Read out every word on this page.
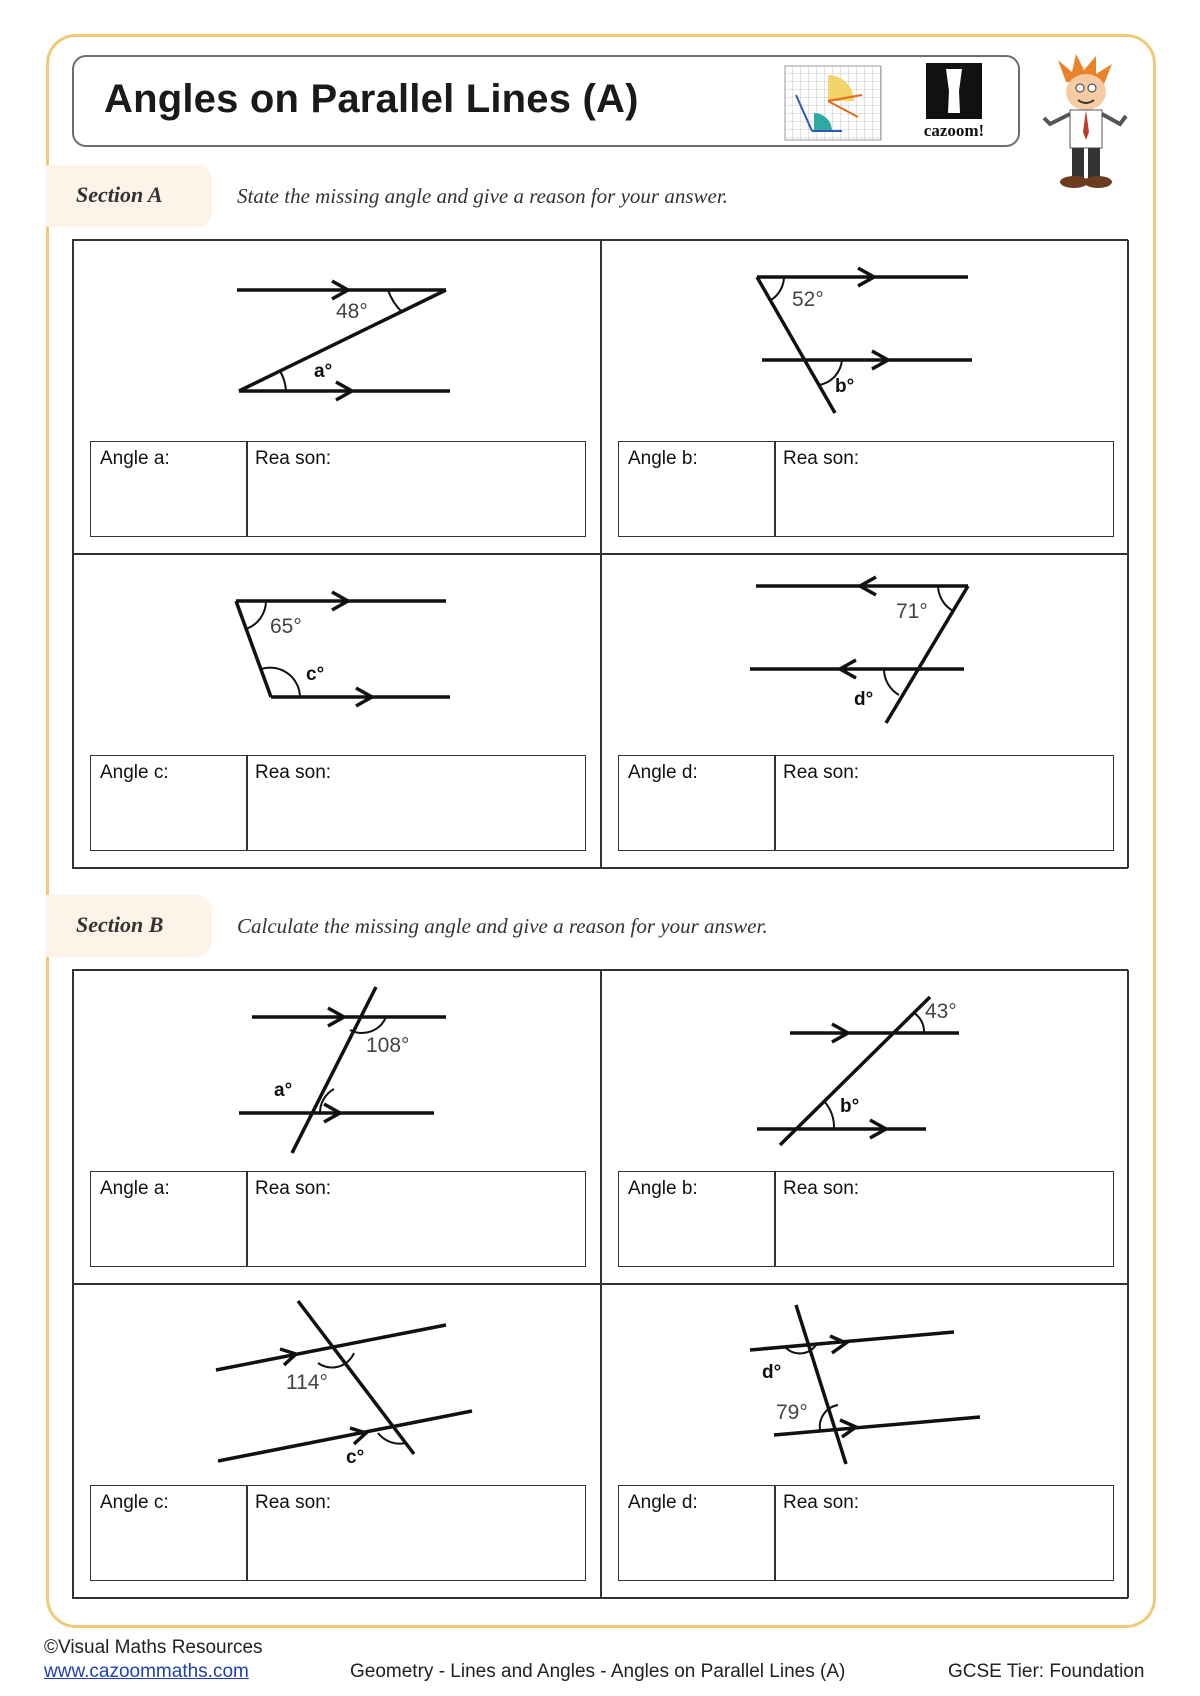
Angles on Parallel Lines (A)
cazoom!
Section A	State the missing angle and give a reason for your answer.
48°
a°
Angle a:	Rea son:
52°
b°
Angle b:	Rea son:
65°
c°
Angle c:	Rea son:
71°
d°
Angle d:	Rea son:
Section B	Calculate the missing angle and give a reason for your answer.
108°
a°
Angle a:	Rea son:
43°
b°
Angle b:	Rea son:
114°
c°
Angle c:	Rea son:
d°
79°
Angle d:	Rea son:
©Visual Maths Resources
www.cazoommaths.com	Geometry - Lines and Angles - Angles on Parallel Lines (A)	GCSE Tier: Foundation
